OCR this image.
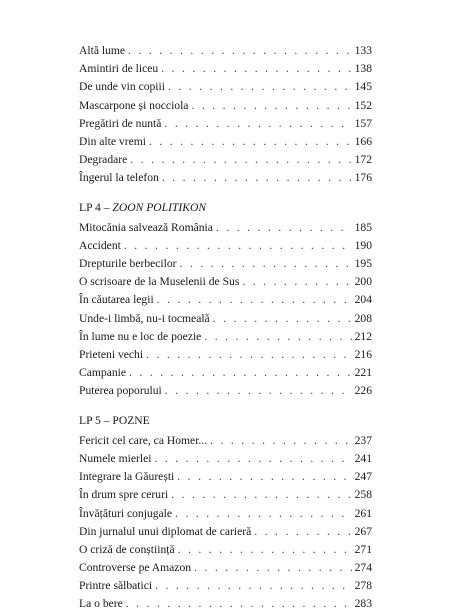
Altă lume . . .	133
Amintiri de liceu . . .	138
De unde vin copiii . . .	145
Mascarpone și nocciola . . .	152
Pregătiri de nuntă . . .	157
Din alte vremi . . .	166
Degradare . . .	172
Îngerul la telefon . . .	176
LP 4 – ZOON POLITIKON
Mitocănia salvează România . . .	185
Accident . . .	190
Drepturile berbecilor . . .	195
O scrisoare de la Muselenii de Sus . . .	200
În căutarea legii . . .	204
Unde-i limbă, nu-i tocmeală . . .	208
În lume nu e loc de poezie . . .	212
Prieteni vechi . . .	216
Campanie . . .	221
Puterea poporului . . .	226
LP 5 – POZNE
Fericit cel care, ca Homer... . . .	237
Numele mierlei . . .	241
Integrare la Găurești . . .	247
În drum spre ceruri . . .	258
Învățături conjugale . . .	261
Din jurnalul unui diplomat de carieră . . .	267
O criză de conștiință . . .	271
Controverse pe Amazon . . .	274
Printre sălbatici . . .	278
La o bere . . .	283
